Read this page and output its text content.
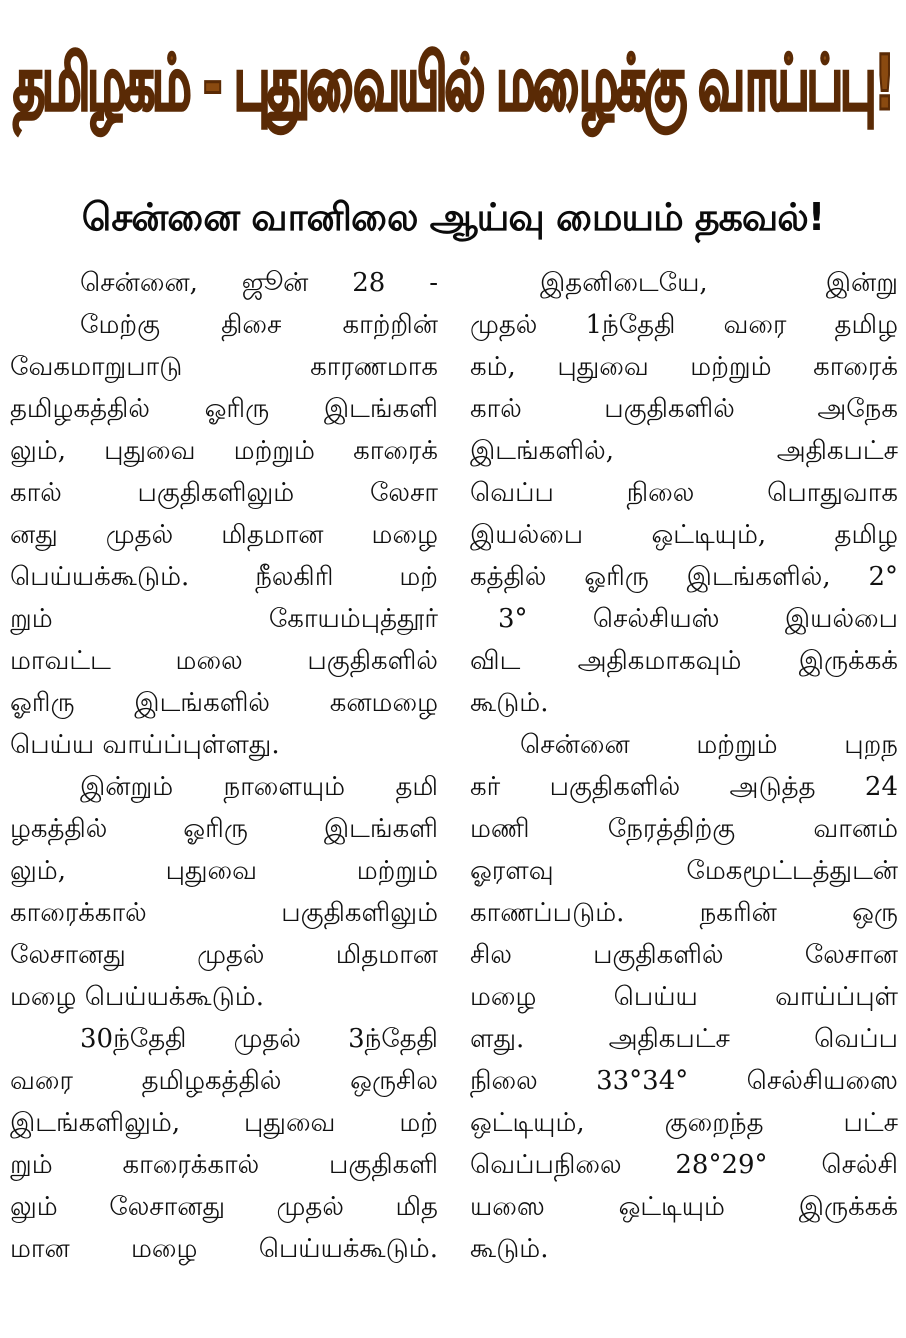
தமிழகம் - புதுவையில் மழைக்கு வாய்ப்பு!
சென்னை வானிலை ஆய்வு மையம் தகவல்!
சென்னை, ஜூன் 28 -
மேற்கு திசை காற்றின்
வேகமாறுபாடு காரணமாக
தமிழகத்தில் ஓரிரு இடங்களி
லும், புதுவை மற்றும் காரைக்
கால் பகுதிகளிலும் லேசா
னது முதல் மிதமான மழை
பெய்யக்கூடும். நீலகிரி மற்
றும் கோயம்புத்தூர்
மாவட்ட மலை பகுதிகளில்
ஓரிரு இடங்களில் கனமழை
பெய்ய வாய்ப்புள்ளது.
இன்றும் நாளையும் தமி
ழகத்தில் ஓரிரு இடங்களி
லும், புதுவை மற்றும்
காரைக்கால் பகுதிகளிலும்
லேசானது முதல் மிதமான
மழை பெய்யக்கூடும்.
30ந்தேதி முதல் 3ந்தேதி
வரை தமிழகத்தில் ஒருசில
இடங்களிலும், புதுவை மற்
றும் காரைக்கால் பகுதிகளி
லும் லேசானது முதல் மித
மான மழை பெய்யக்கூடும்.
இதனிடையே, இன்று
முதல் 1ந்தேதி வரை தமிழ
கம், புதுவை மற்றும் காரைக்
கால் பகுதிகளில் அநேக
இடங்களில், அதிகபட்ச
வெப்ப நிலை பொதுவாக
இயல்பை ஒட்டியும், தமிழ
கத்தில் ஓரிரு இடங்களில், 2°
3° செல்சியஸ் இயல்பை
விட அதிகமாகவும் இருக்கக்
கூடும்.
சென்னை மற்றும் புறந
கர் பகுதிகளில் அடுத்த 24
மணி நேரத்திற்கு வானம்
ஓரளவு மேகமூட்டத்துடன்
காணப்படும். நகரின் ஒரு
சில பகுதிகளில் லேசான
மழை பெய்ய வாய்ப்புள்
ளது. அதிகபட்ச வெப்ப
நிலை 33°34° செல்சியஸை
ஒட்டியும், குறைந்த பட்ச
வெப்பநிலை 28°29° செல்சி
யஸை ஒட்டியும் இருக்கக்
கூடும்.
